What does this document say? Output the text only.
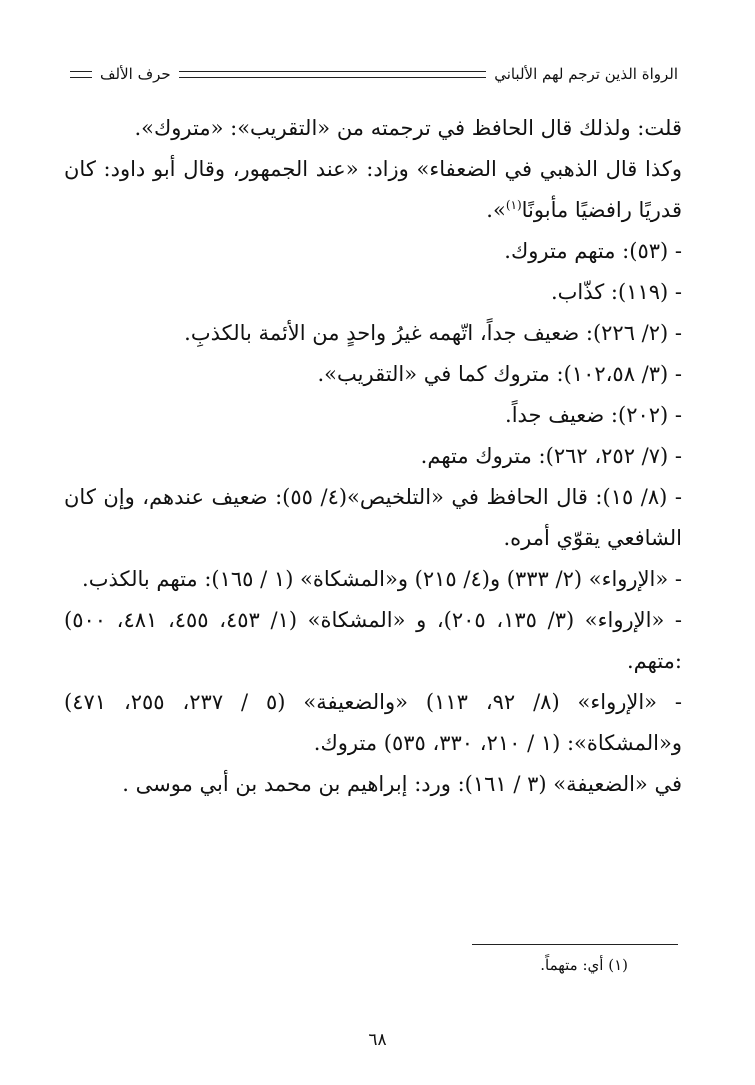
الرواة الذين ترجم لهم الألباني
حرف الألف

قلت: ولذلك قال الحافظ في ترجمته من «التقريب»: «متروك».

وكذا قال الذهبي في الضعفاء» وزاد: «عند الجمهور، وقال أبو داود: كان قدريًا رافضيًا مأبونًا$^{(١)}$».

- (٥٣): متهم متروك.

- (١١٩): كذّاب.

- (٢/ ٢٢٦): ضعيف جداً، اتّهمه غيرُ واحدٍ من الأئمة بالكذبِ.

- (٣/ ١٠٢،٥٨): متروك كما في «التقريب».

- (٢٠٢): ضعيف جداً.

- (٧/ ٢٥٢، ٢٦٢): متروك متهم.

- (٨/ ١٥): قال الحافظ في «التلخيص»(٤/ ٥٥): ضعيف عندهم، وإن كان الشافعي يقوّي أمره.

- «الإرواء» (٢/ ٣٣٣) و(٤/ ٢١٥) و«المشكاة» (١ / ١٦٥): متهم بالكذب.

- «الإرواء» (٣/ ١٣٥، ٢٠٥)، و «المشكاة» (١/ ٤٥٣، ٤٥٥، ٤٨١، ٥٠٠) :متهم.

- «الإرواء» (٨/ ٩٢، ١١٣) «والضعيفة» (٥ / ٢٣٧، ٢٥٥، ٤٧١) و«المشكاة»: (١ / ٢١٠، ٣٣٠، ٥٣٥) متروك.

في «الضعيفة» (٣ / ١٦١): ورد: إبراهيم بن محمد بن أبي موسى .

(١) أي: متهماً.
٦٨
